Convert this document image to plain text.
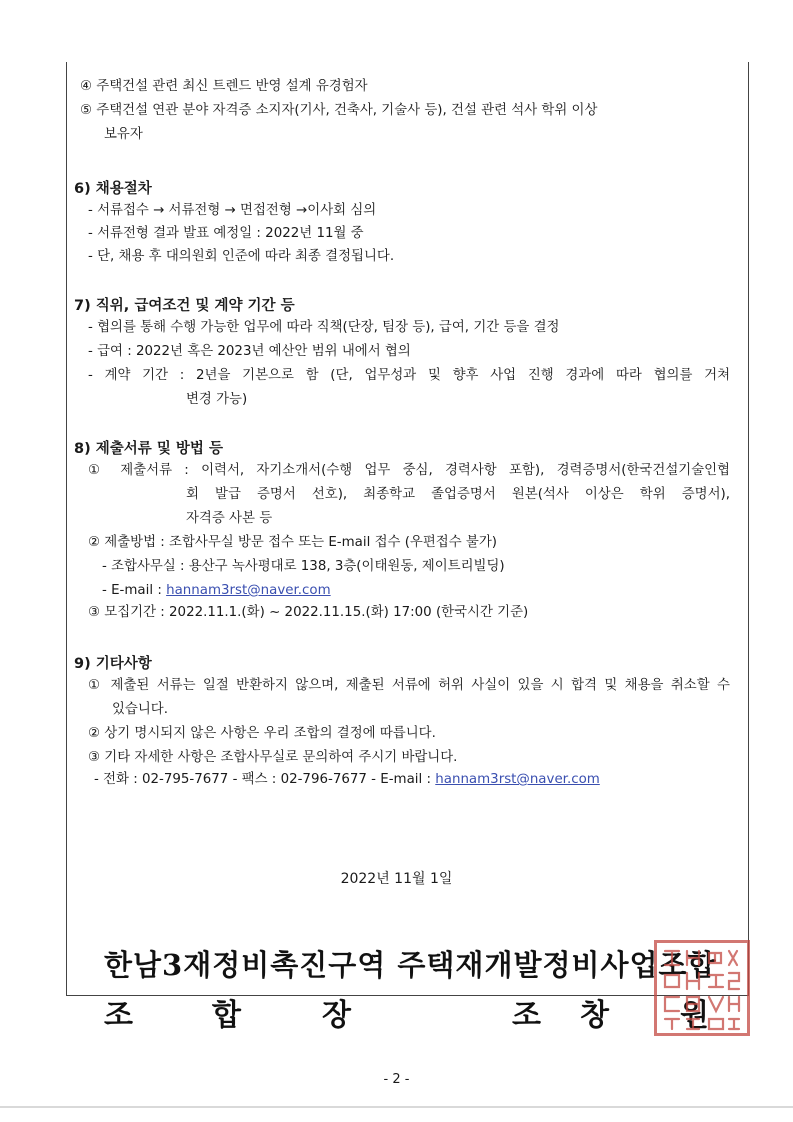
④ 주택건설 관련 최신 트렌드 반영 설계 유경험자
⑤ 주택건설 연관 분야 자격증 소지자(기사, 건축사, 기술사 등), 건설 관련 석사 학위 이상
보유자
6) 채용절차
- 서류접수 → 서류전형 → 면접전형 →이사회 심의
- 서류전형 결과 발표 예정일 : 2022년 11월 중
- 단, 채용 후 대의원회 인준에 따라 최종 결정됩니다.
7) 직위, 급여조건 및 계약 기간 등
- 협의를 통해 수행 가능한 업무에 따라 직책(단장, 팀장 등), 급여, 기간 등을 결정
- 급여 : 2022년 혹은 2023년 예산안 범위 내에서 협의
- 계약 기간 : 2년을 기본으로 함 (단, 업무성과 및 향후 사업 진행 경과에 따라 협의를 거쳐
변경 가능)
8) 제출서류 및 방법 등
① 제출서류 : 이력서, 자기소개서(수행 업무 중심, 경력사항 포함), 경력증명서(한국건설기술인협
회 발급 증명서 선호), 최종학교 졸업증명서 원본(석사 이상은 학위 증명서),
자격증 사본 등
② 제출방법 : 조합사무실 방문 접수 또는 E-mail 접수 (우편접수 불가)
- 조합사무실 : 용산구 녹사평대로 138, 3층(이태원동, 제이트리빌딩)
- E-mail : hannam3rst@naver.com
③ 모집기간 : 2022.11.1.(화) ~ 2022.11.15.(화) 17:00 (한국시간 기준)
9) 기타사항
① 제출된 서류는 일절 반환하지 않으며, 제출된 서류에 허위 사실이 있을 시 합격 및 채용을 취소할 수
있습니다.
② 상기 명시되지 않은 사항은 우리 조합의 결정에 따릅니다.
③ 기타 자세한 사항은 조합사무실로 문의하여 주시기 바랍니다.
- 전화 : 02-795-7677 - 팩스 : 02-796-7677 - E-mail : hannam3rst@naver.com
2022년 11월 1일
한남3재정비촉진구역 주택재개발정비사업조합
조	합	장	조 창 원
- 2 -
